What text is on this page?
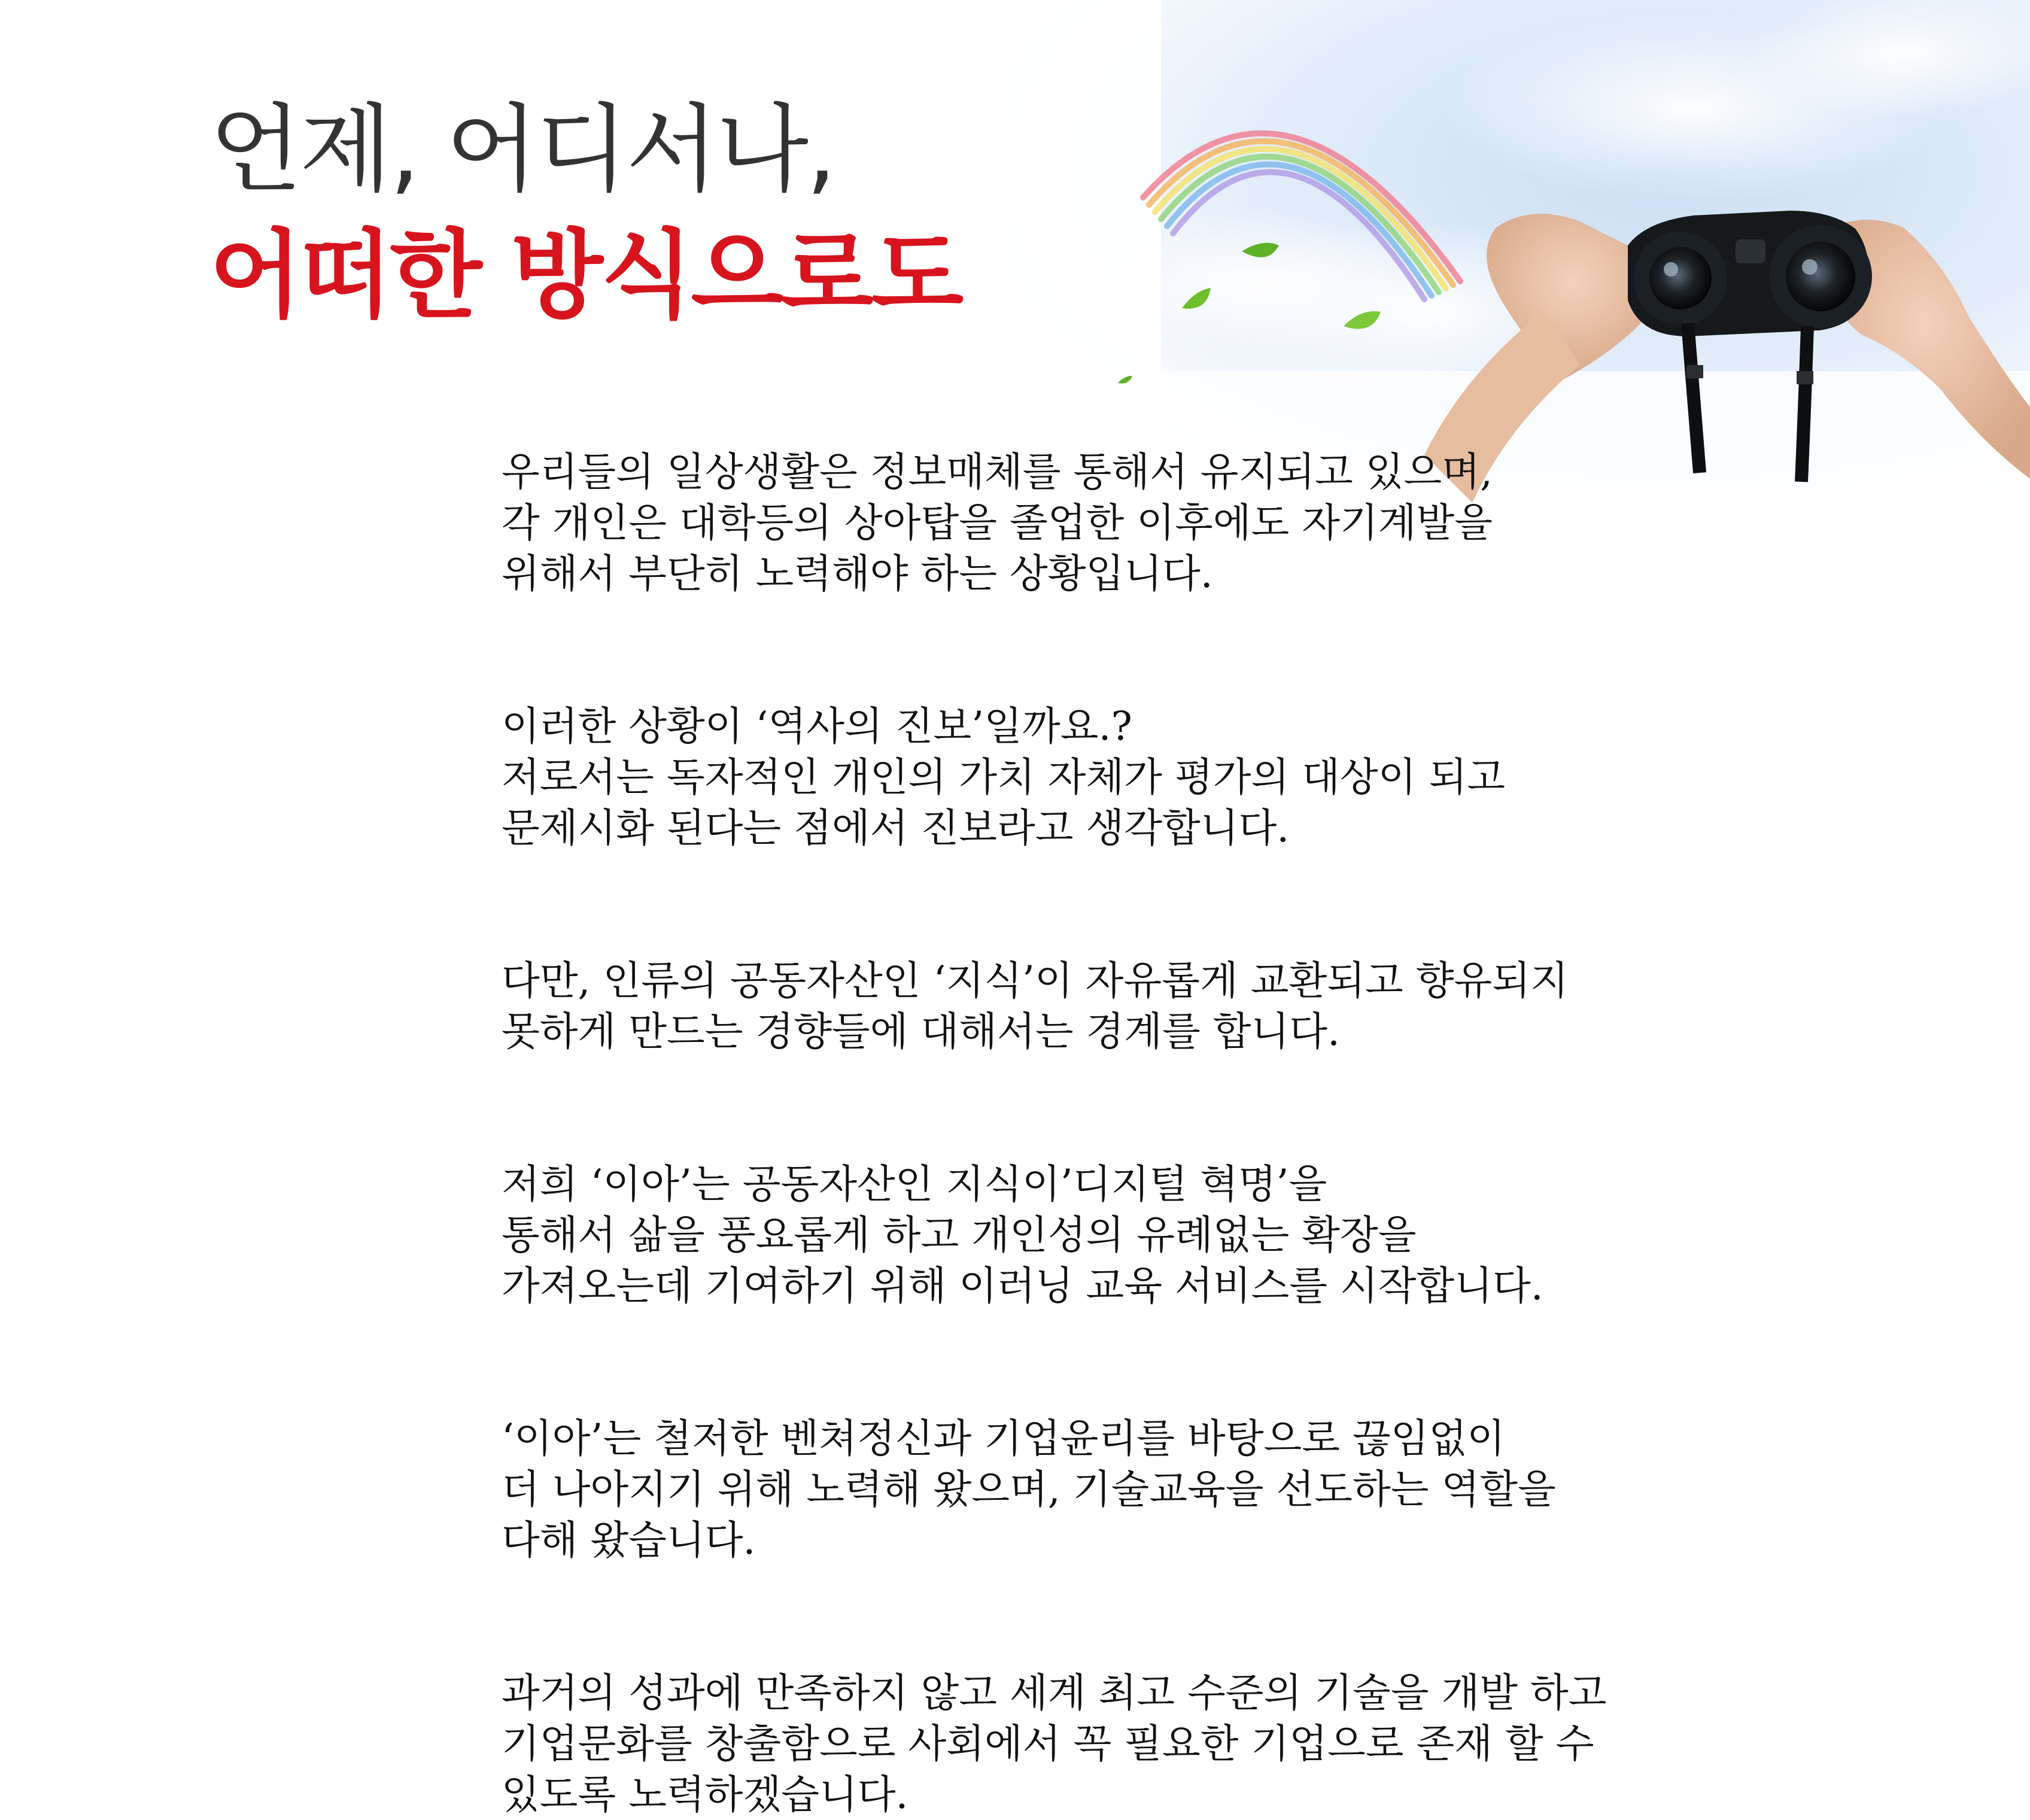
언제, 어디서나,
어떠한 방식으로도
우리들의 일상생활은 정보매체를 통해서 유지되고 있으며,
각 개인은 대학등의 상아탑을 졸업한 이후에도 자기계발을
위해서 부단히 노력해야 하는 상황입니다.
이러한 상황이 ‘역사의 진보’일까요.?
저로서는 독자적인 개인의 가치 자체가 평가의 대상이 되고
문제시화 된다는 점에서 진보라고 생각합니다.
다만, 인류의 공동자산인 ‘지식’이 자유롭게 교환되고 향유되지
못하게 만드는 경향들에 대해서는 경계를 합니다.
저희 ‘이아’는 공동자산인 지식이’디지털 혁명’을
통해서 삶을 풍요롭게 하고 개인성의 유례없는 확장을
가져오는데 기여하기 위해 이러닝 교육 서비스를 시작합니다.
‘이아’는 철저한 벤쳐정신과 기업윤리를 바탕으로 끊임없이
더 나아지기 위해 노력해 왔으며, 기술교육을 선도하는 역할을
다해 왔습니다.
과거의 성과에 만족하지 않고 세계 최고 수준의 기술을 개발 하고
기업문화를 창출함으로 사회에서 꼭 필요한 기업으로 존재 할 수
있도록 노력하겠습니다.
